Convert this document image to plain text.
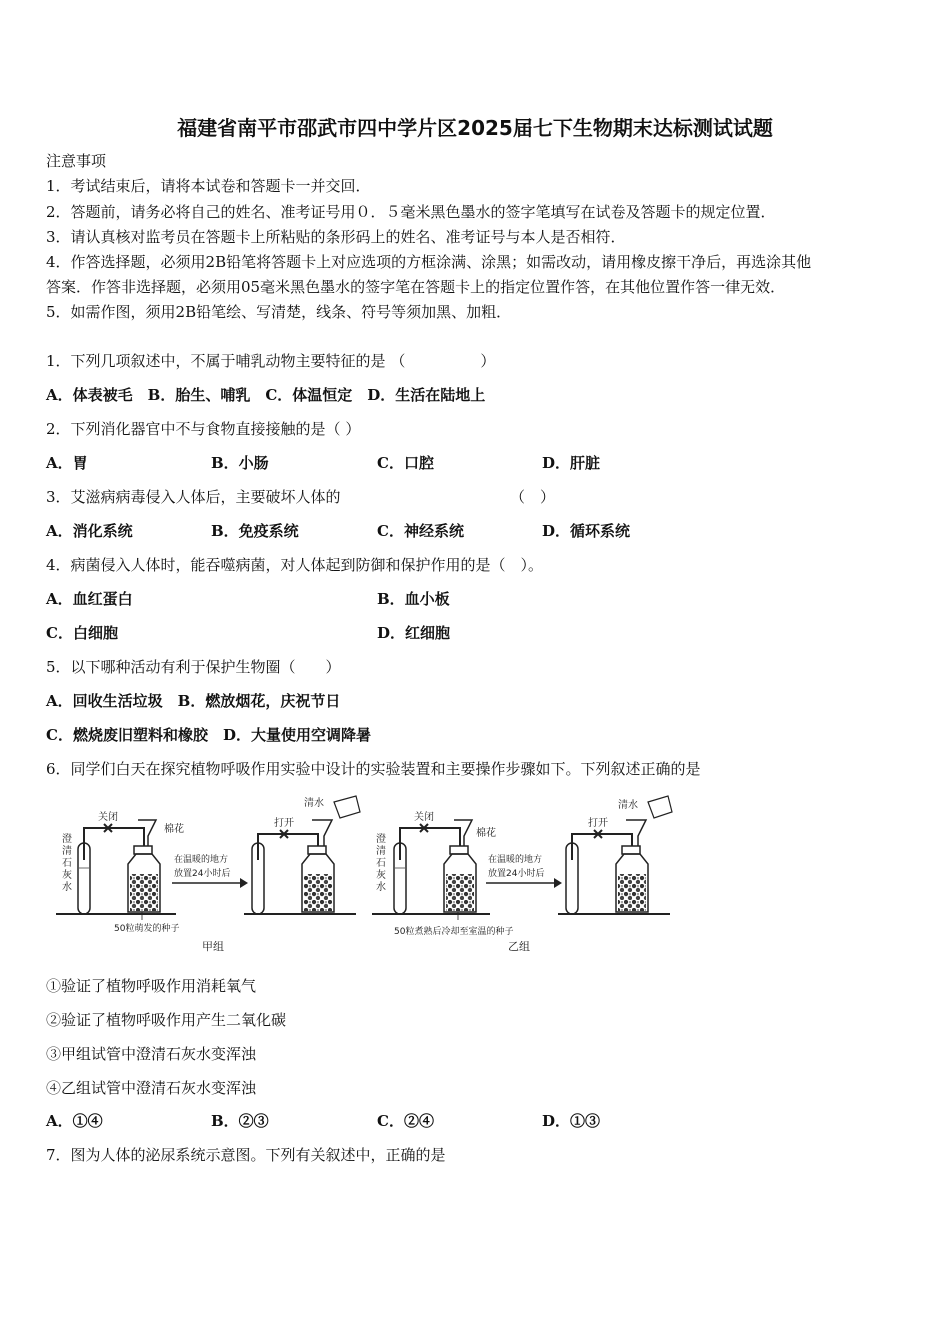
福建省南平市邵武市四中学片区2025届七下生物期末达标测试试题
注意事项
1．考试结束后，请将本试卷和答题卡一并交回．
2．答题前，请务必将自己的姓名、准考证号用０．５毫米黑色墨水的签字笔填写在试卷及答题卡的规定位置．
3．请认真核对监考员在答题卡上所粘贴的条形码上的姓名、准考证号与本人是否相符．
4．作答选择题，必须用2B铅笔将答题卡上对应选项的方框涂满、涂黑；如需改动，请用橡皮擦干净后，再选涂其他
答案．作答非选择题，必须用05毫米黑色墨水的签字笔在答题卡上的指定位置作答，在其他位置作答一律无效．
5．如需作图，须用2B铅笔绘、写清楚，线条、符号等须加黑、加粗．
1．下列几项叙述中，不属于哺乳动物主要特征的是 （　　　　　）
A．体表被毛　B．胎生、哺乳　C．体温恒定　D．生活在陆地上
2．下列消化器官中不与食物直接接触的是（ ）
A．胃	B．小肠	C．口腔	D．肝脏
3．艾滋病病毒侵入人体后，主要破坏人体的	（　）
A．消化系统	B．免疫系统	C．神经系统	D．循环系统
4．病菌侵入人体时，能吞噬病菌，对人体起到防御和保护作用的是（　）。
A．血红蛋白	B．血小板
C．白细胞	D．红细胞
5．以下哪种活动有利于保护生物圈（　　）
A．回收生活垃圾　B．燃放烟花，庆祝节日
C．燃烧废旧塑料和橡胶　D．大量使用空调降暑
6．同学们白天在探究植物呼吸作用实验中设计的实验装置和主要操作步骤如下。下列叙述正确的是
澄
清
石
灰
水
关闭
棉花
50粒萌发的种子
在温暖的地方
放置24小时后
打开
清水
甲组
澄
清
石
灰
水
关闭
棉花
50粒煮熟后冷却至室温的种子
在温暖的地方
放置24小时后
打开
清水
乙组
①验证了植物呼吸作用消耗氧气
②验证了植物呼吸作用产生二氧化碳
③甲组试管中澄清石灰水变浑浊
④乙组试管中澄清石灰水变浑浊
A．①④	B．②③	C．②④	D．①③
7．图为人体的泌尿系统示意图。下列有关叙述中，正确的是
